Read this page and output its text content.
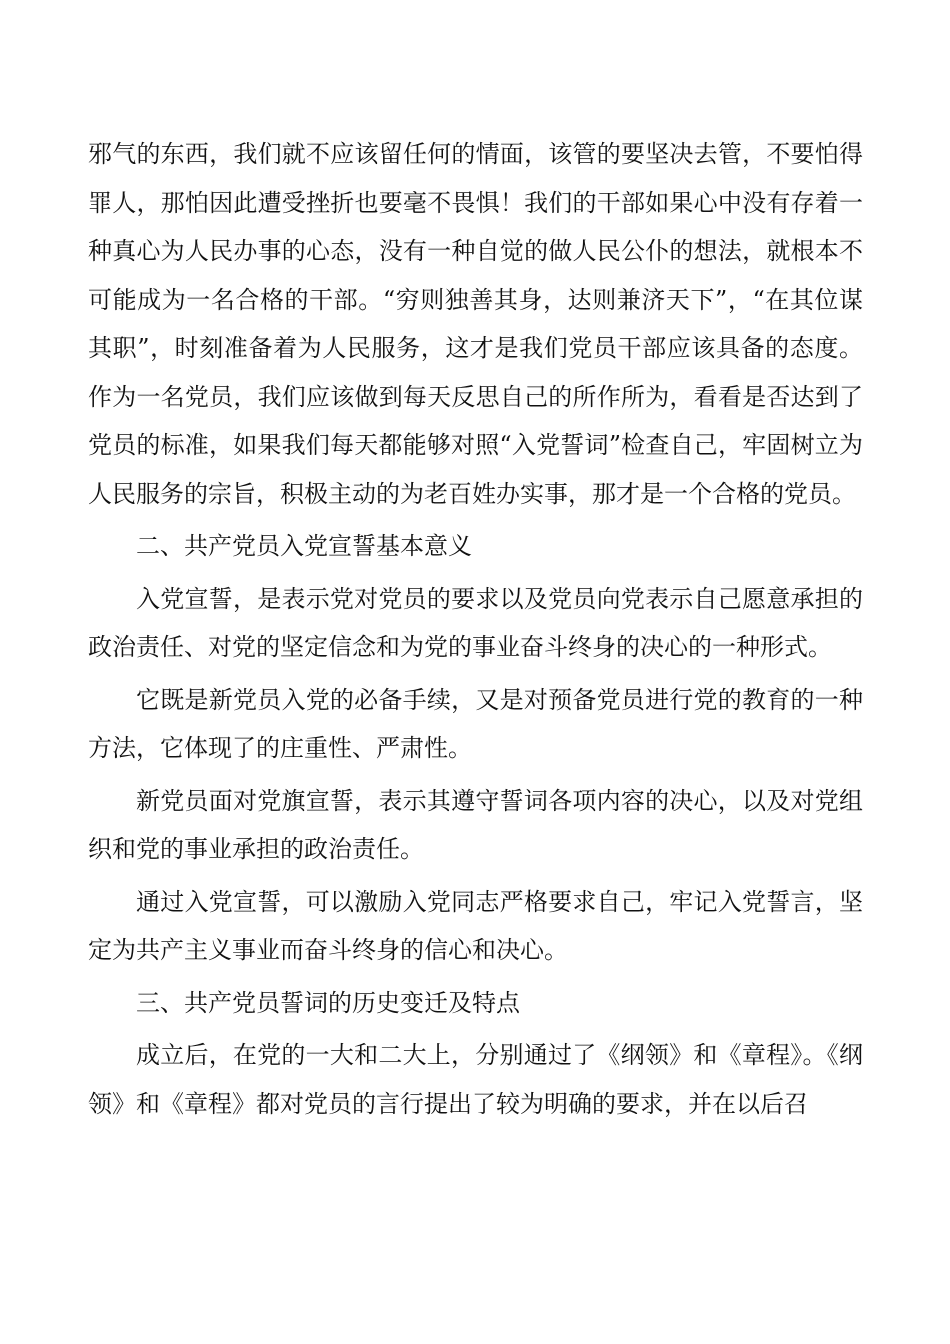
邪气的东西，我们就不应该留任何的情面，该管的要坚决去管，不要怕得罪人，那怕因此遭受挫折也要毫不畏惧！我们的干部如果心中没有存着一种真心为人民办事的心态，没有一种自觉的做人民公仆的想法，就根本不可能成为一名合格的干部。“穷则独善其身，达则兼济天下”，“在其位谋其职”，时刻准备着为人民服务，这才是我们党员干部应该具备的态度。作为一名党员，我们应该做到每天反思自己的所作所为，看看是否达到了党员的标准，如果我们每天都能够对照“入党誓词”检查自己，牢固树立为人民服务的宗旨，积极主动的为老百姓办实事，那才是一个合格的党员。

二、共产党员入党宣誓基本意义

入党宣誓，是表示党对党员的要求以及党员向党表示自己愿意承担的政治责任、对党的坚定信念和为党的事业奋斗终身的决心的一种形式。

它既是新党员入党的必备手续，又是对预备党员进行党的教育的一种方法，它体现了的庄重性、严肃性。

新党员面对党旗宣誓，表示其遵守誓词各项内容的决心，以及对党组织和党的事业承担的政治责任。

通过入党宣誓，可以激励入党同志严格要求自己，牢记入党誓言，坚定为共产主义事业而奋斗终身的信心和决心。

三、共产党员誓词的历史变迁及特点

成立后，在党的一大和二大上，分别通过了《纲领》和《章程》。《纲领》和《章程》都对党员的言行提出了较为明确的要求，并在以后召
